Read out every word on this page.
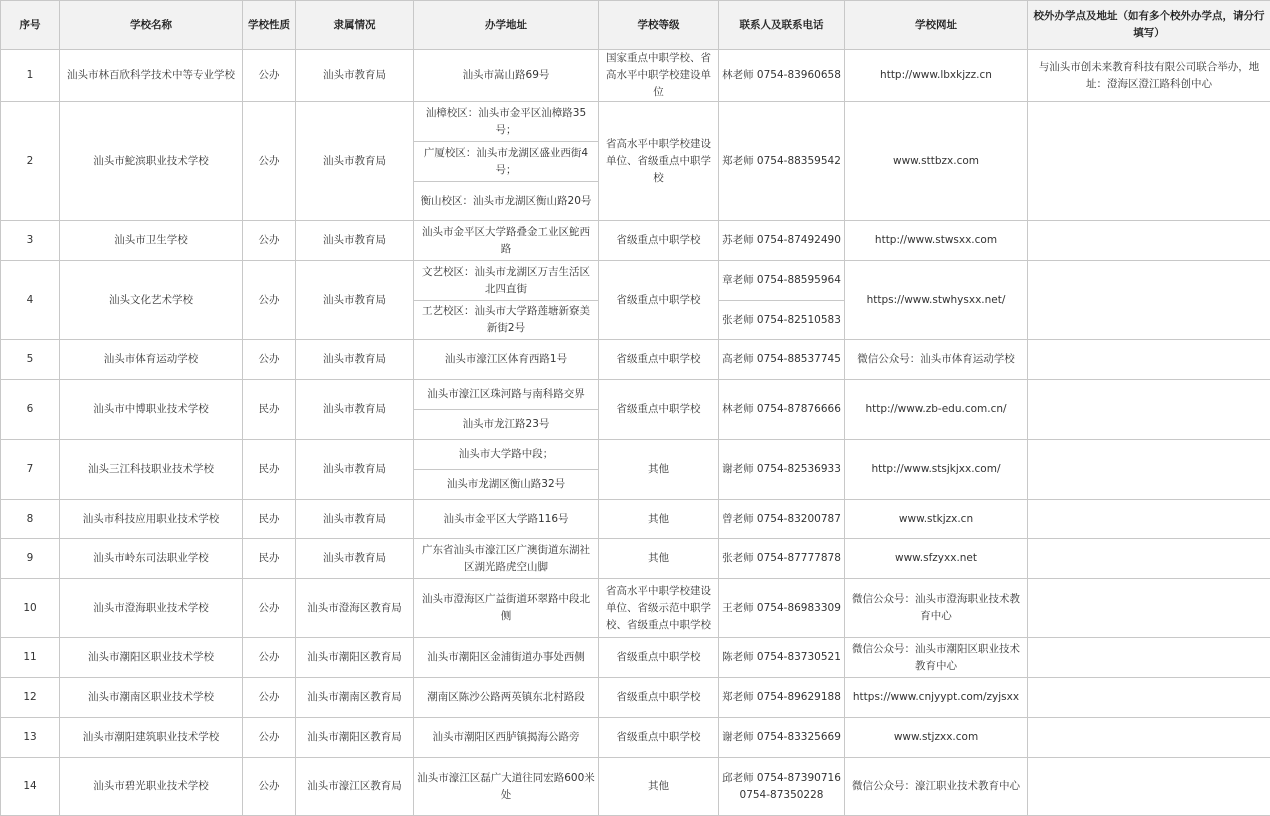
序号	学校名称	学校性质	隶属情况	办学地址	学校等级	联系人及联系电话	学校网址	校外办学点及地址（如有多个校外办学点，请分行填写）
1	汕头市林百欣科学技术中等专业学校	公办	汕头市教育局	汕头市嵩山路69号	国家重点中职学校、省高水平中职学校建设单位	林老师 0754-83960658	http://www.lbxkjzz.cn	与汕头市创未来教育科技有限公司联合举办，地址：澄海区澄江路科创中心
2	汕头市鮀滨职业技术学校	公办	汕头市教育局	汕樟校区：汕头市金平区汕樟路35号；	省高水平中职学校建设单位、省级重点中职学校	郑老师 0754-88359542	www.sttbzx.com	
				广厦校区：汕头市龙湖区盛业西街4号；				
				衡山校区：汕头市龙湖区衡山路20号				
3	汕头市卫生学校	公办	汕头市教育局	汕头市金平区大学路叠金工业区鮀西路	省级重点中职学校	苏老师 0754-87492490	http://www.stwsxx.com	
4	汕头文化艺术学校	公办	汕头市教育局	文艺校区：汕头市龙湖区万吉生活区北四直街	省级重点中职学校	章老师 0754-88595964	https://www.stwhysxx.net/	
				工艺校区：汕头市大学路莲塘新寮美新街2号		张老师 0754-82510583		
5	汕头市体育运动学校	公办	汕头市教育局	汕头市濠江区体育西路1号	省级重点中职学校	高老师 0754-88537745	微信公众号：汕头市体育运动学校	
6	汕头市中博职业技术学校	民办	汕头市教育局	汕头市濠江区珠河路与南科路交界	省级重点中职学校	林老师 0754-87876666	http://www.zb-edu.com.cn/	
				汕头市龙江路23号				
7	汕头三江科技职业技术学校	民办	汕头市教育局	汕头市大学路中段；	其他	谢老师 0754-82536933	http://www.stsjkjxx.com/	
				汕头市龙湖区衡山路32号				
8	汕头市科技应用职业技术学校	民办	汕头市教育局	汕头市金平区大学路116号	其他	曾老师 0754-83200787	www.stkjzx.cn	
9	汕头市岭东司法职业学校	民办	汕头市教育局	广东省汕头市濠江区广澳街道东湖社区湖光路虎空山脚	其他	张老师 0754-87777878	www.sfzyxx.net	
10	汕头市澄海职业技术学校	公办	汕头市澄海区教育局	汕头市澄海区广益街道环翠路中段北侧	省高水平中职学校建设单位、省级示范中职学校、省级重点中职学校	王老师 0754-86983309	微信公众号：汕头市澄海职业技术教育中心	
11	汕头市潮阳区职业技术学校	公办	汕头市潮阳区教育局	汕头市潮阳区金浦街道办事处西侧	省级重点中职学校	陈老师 0754-83730521	微信公众号：汕头市潮阳区职业技术教育中心	
12	汕头市潮南区职业技术学校	公办	汕头市潮南区教育局	潮南区陈沙公路两英镇东北村路段	省级重点中职学校	郑老师 0754-89629188	https://www.cnjyypt.com/zyjsxx	
13	汕头市潮阳建筑职业技术学校	公办	汕头市潮阳区教育局	汕头市潮阳区西胪镇揭海公路旁	省级重点中职学校	谢老师 0754-83325669	www.stjzxx.com	
14	汕头市碧光职业技术学校	公办	汕头市濠江区教育局	汕头市濠江区磊广大道往同宏路600米处	其他	邱老师 0754-87390716 0754-87350228	微信公众号：濠江职业技术教育中心	
